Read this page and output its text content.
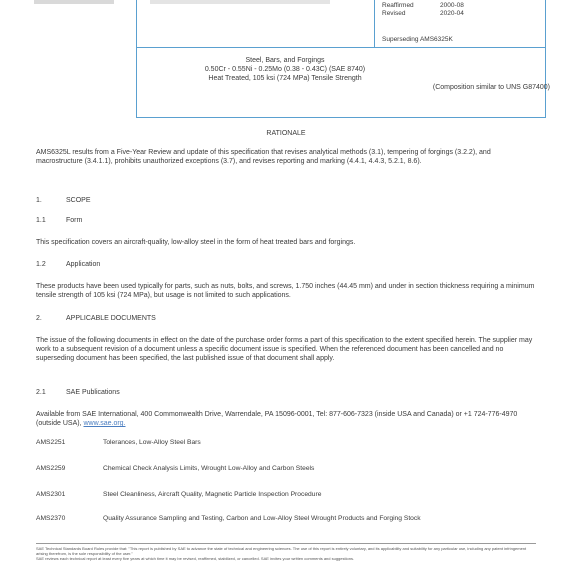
Reaffirmed	2000-08
Revised	2020-04
Superseding AMS6325K
Steel, Bars, and Forgings
0.50Cr - 0.55Ni - 0.25Mo (0.38 - 0.43C) (SAE 8740)
Heat Treated, 105 ksi (724 MPa) Tensile Strength
(Composition similar to UNS G87400)
RATIONALE
AMS6325L results from a Five-Year Review and update of this specification that revises analytical methods (3.1), tempering of forgings (3.2.2), and macrostructure (3.4.1.1), prohibits unauthorized exceptions (3.7), and revises reporting and marking (4.4.1, 4.4.3, 5.2.1, 8.6).
1.	SCOPE
1.1	Form
This specification covers an aircraft-quality, low-alloy steel in the form of heat treated bars and forgings.
1.2	Application
These products have been used typically for parts, such as nuts, bolts, and screws, 1.750 inches (44.45 mm) and under in section thickness requiring a minimum tensile strength of 105 ksi (724 MPa), but usage is not limited to such applications.
2.	APPLICABLE DOCUMENTS
The issue of the following documents in effect on the date of the purchase order forms a part of this specification to the extent specified herein. The supplier may work to a subsequent revision of a document unless a specific document issue is specified. When the referenced document has been cancelled and no superseding document has been specified, the last published issue of that document shall apply.
2.1	SAE Publications
Available from SAE International, 400 Commonwealth Drive, Warrendale, PA 15096-0001, Tel: 877-606-7323 (inside USA and Canada) or +1 724-776-4970 (outside USA), www.sae.org.
AMS2251	Tolerances, Low-Alloy Steel Bars
AMS2259	Chemical Check Analysis Limits, Wrought Low-Alloy and Carbon Steels
AMS2301	Steel Cleanliness, Aircraft Quality, Magnetic Particle Inspection Procedure
AMS2370	Quality Assurance Sampling and Testing, Carbon and Low-Alloy Steel Wrought Products and Forging Stock
SAE Technical Standards Board Rules provide that: "This report is published by SAE to advance the state of technical and engineering sciences. The use of this report is entirely voluntary, and its applicability and suitability for any particular use, including any patent infringement arising therefrom, is the sole responsibility of the user."
SAE reviews each technical report at least every five years at which time it may be revised, reaffirmed, stabilized, or cancelled. SAE invites your written comments and suggestions.
